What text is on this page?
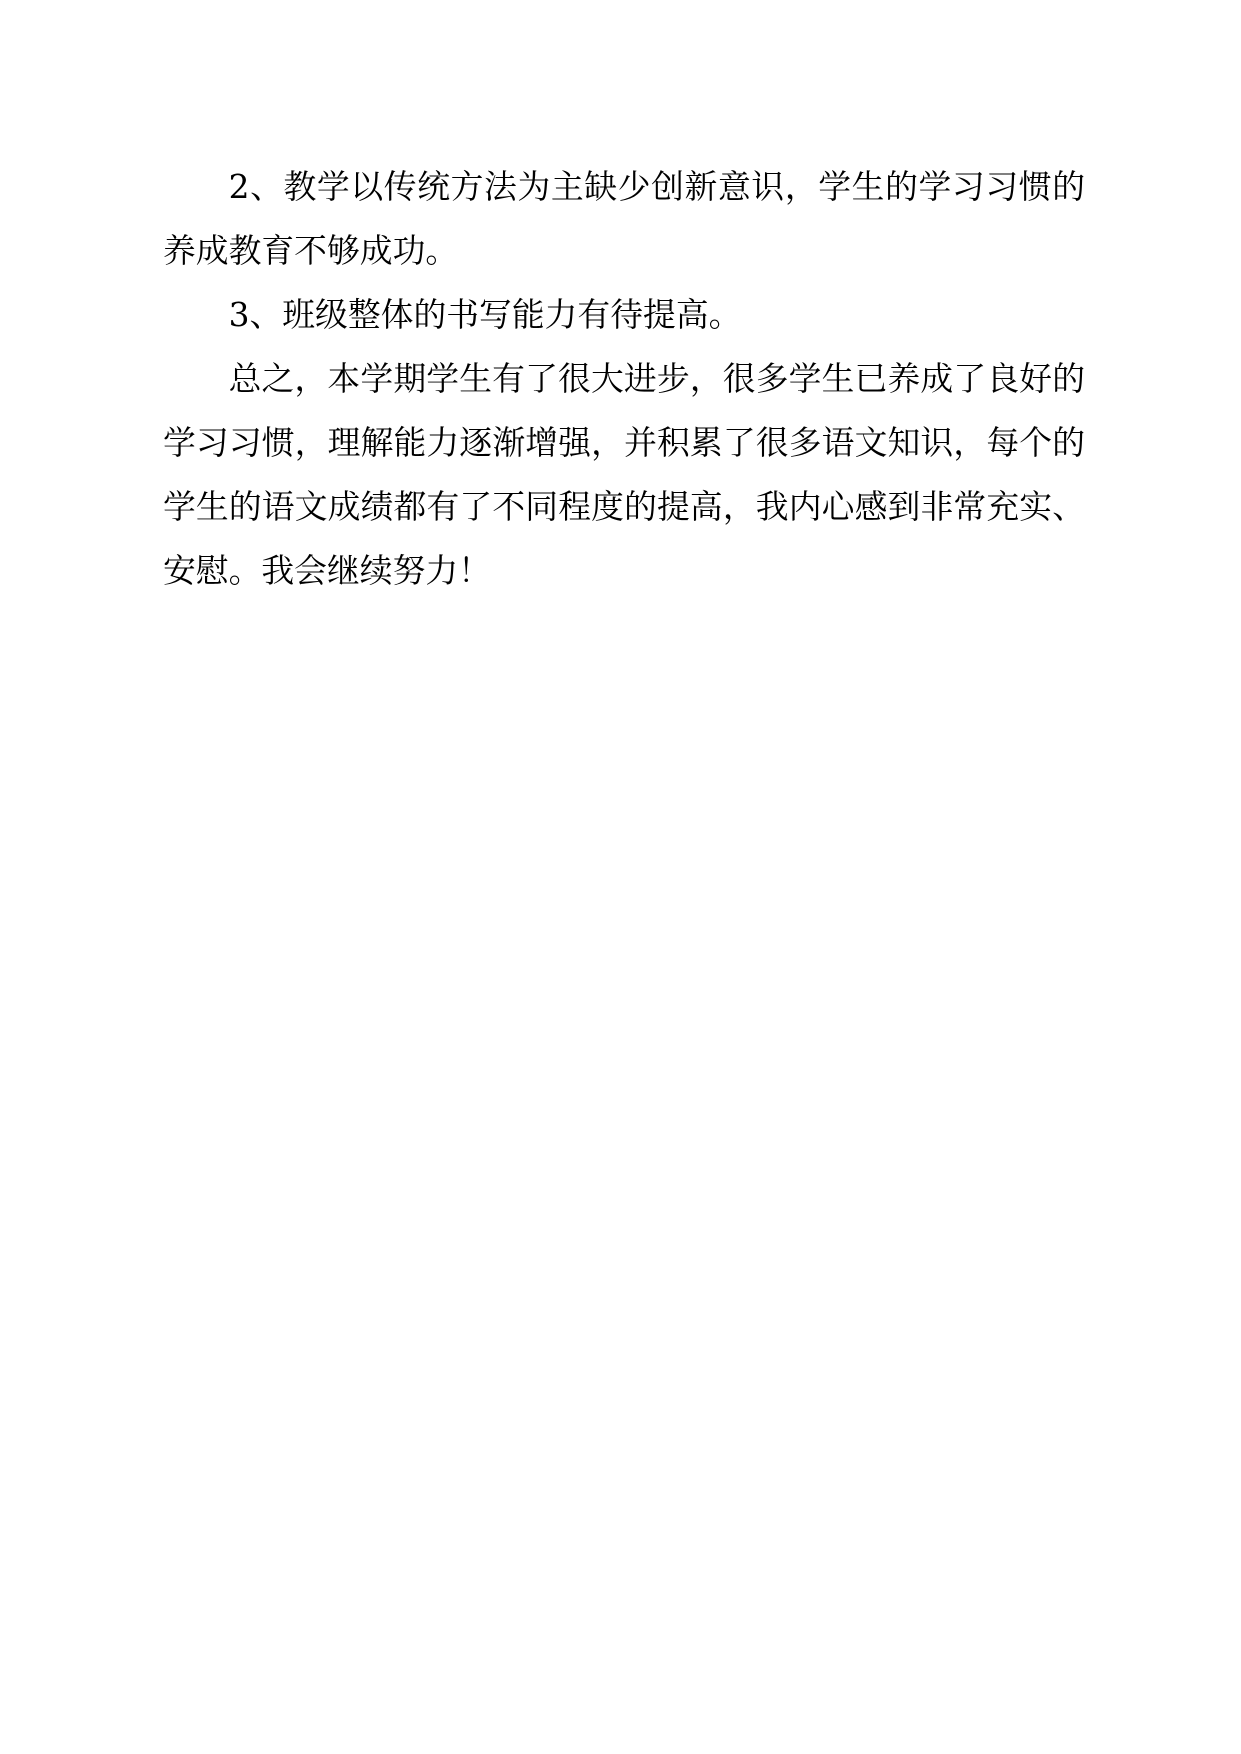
2、教学以传统方法为主缺少创新意识，学生的学习习惯的养成教育不够成功。

3、班级整体的书写能力有待提高。

总之，本学期学生有了很大进步，很多学生已养成了良好的学习习惯，理解能力逐渐增强，并积累了很多语文知识，每个的学生的语文成绩都有了不同程度的提高，我内心感到非常充实、安慰。我会继续努力！
